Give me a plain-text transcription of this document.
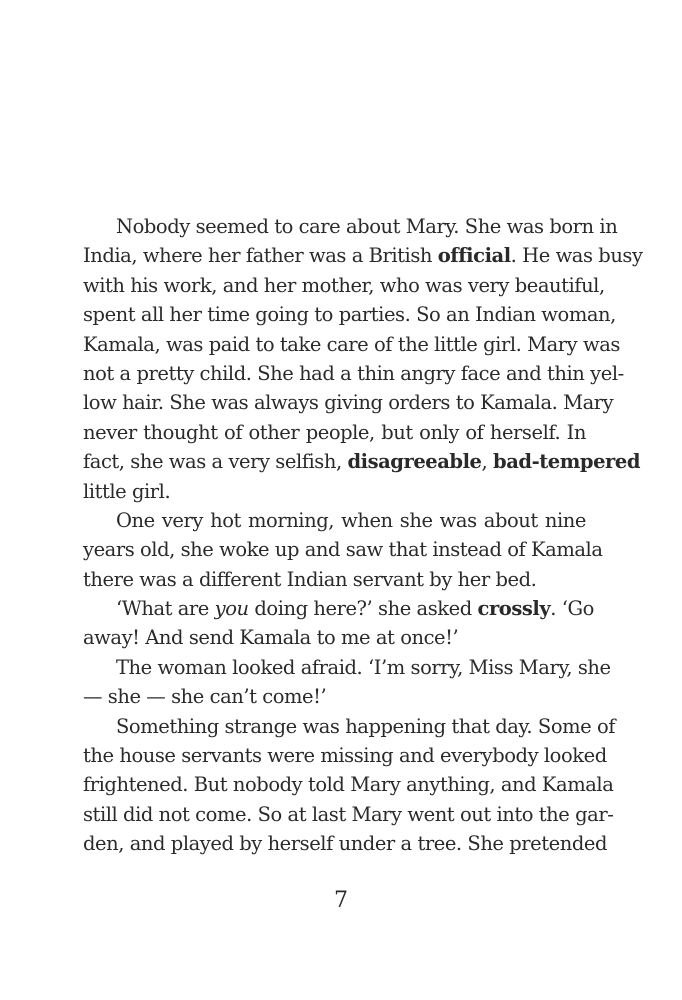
Nobody seemed to care about Mary. She was born in
India, where her father was a British official. He was busy
with his work, and her mother, who was very beautiful,
spent all her time going to parties. So an Indian woman,
Kamala, was paid to take care of the little girl. Mary was
not a pretty child. She had a thin angry face and thin yel-
low hair. She was always giving orders to Kamala. Mary
never thought of other people, but only of herself. In
fact, she was a very selfish, disagreeable, bad-tempered
little girl.
One very hot morning, when she was about nine
years old, she woke up and saw that instead of Kamala
there was a different Indian servant by her bed.
‘What are you doing here?’ she asked crossly. ‘Go
away! And send Kamala to me at once!’
The woman looked afraid. ‘I’m sorry, Miss Mary, she
— she — she can’t come!’
Something strange was happening that day. Some of
the house servants were missing and everybody looked
frightened. But nobody told Mary anything, and Kamala
still did not come. So at last Mary went out into the gar-
den, and played by herself under a tree. She pretended
7
